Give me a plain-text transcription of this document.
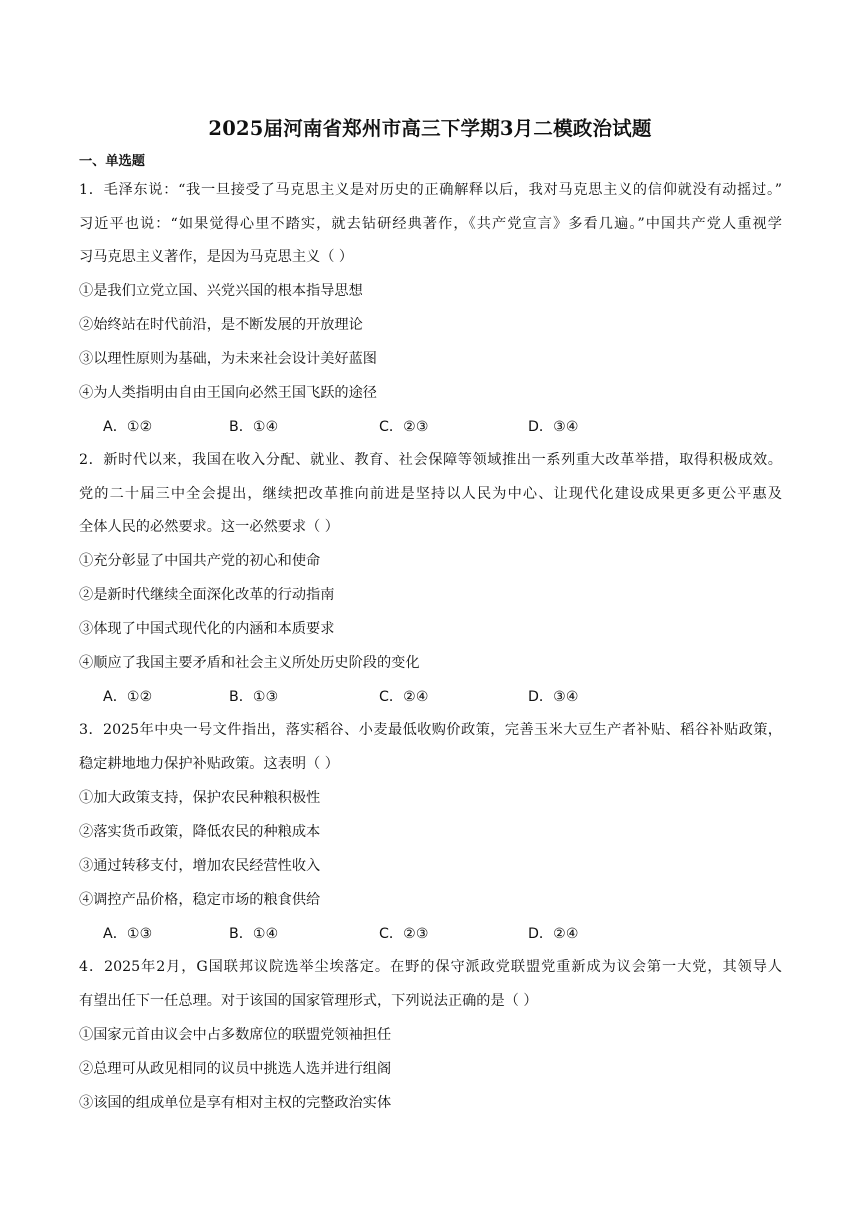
2025届河南省郑州市高三下学期3月二模政治试题
一、单选题
1．毛泽东说：“我一旦接受了马克思主义是对历史的正确解释以后，我对马克思主义的信仰就没有动摇过。”
习近平也说：“如果觉得心里不踏实，就去钻研经典著作，《共产党宣言》多看几遍。”中国共产党人重视学
习马克思主义著作，是因为马克思主义（ ）
①是我们立党立国、兴党兴国的根本指导思想
②始终站在时代前沿，是不断发展的开放理论
③以理性原则为基础，为未来社会设计美好蓝图
④为人类指明由自由王国向必然王国飞跃的途径
A．①②	B．①④	C．②③	D．③④
2．新时代以来，我国在收入分配、就业、教育、社会保障等领域推出一系列重大改革举措，取得积极成效。
党的二十届三中全会提出，继续把改革推向前进是坚持以人民为中心、让现代化建设成果更多更公平惠及
全体人民的必然要求。这一必然要求（ ）
①充分彰显了中国共产党的初心和使命
②是新时代继续全面深化改革的行动指南
③体现了中国式现代化的内涵和本质要求
④顺应了我国主要矛盾和社会主义所处历史阶段的变化
A．①②	B．①③	C．②④	D．③④
3．2025年中央一号文件指出，落实稻谷、小麦最低收购价政策，完善玉米大豆生产者补贴、稻谷补贴政策，
稳定耕地地力保护补贴政策。这表明（ ）
①加大政策支持，保护农民种粮积极性
②落实货币政策，降低农民的种粮成本
③通过转移支付，增加农民经营性收入
④调控产品价格，稳定市场的粮食供给
A．①③	B．①④	C．②③	D．②④
4．2025年2月，G国联邦议院选举尘埃落定。在野的保守派政党联盟党重新成为议会第一大党，其领导人
有望出任下一任总理。对于该国的国家管理形式，下列说法正确的是（ ）
①国家元首由议会中占多数席位的联盟党领袖担任
②总理可从政见相同的议员中挑选人选并进行组阁
③该国的组成单位是享有相对主权的完整政治实体
